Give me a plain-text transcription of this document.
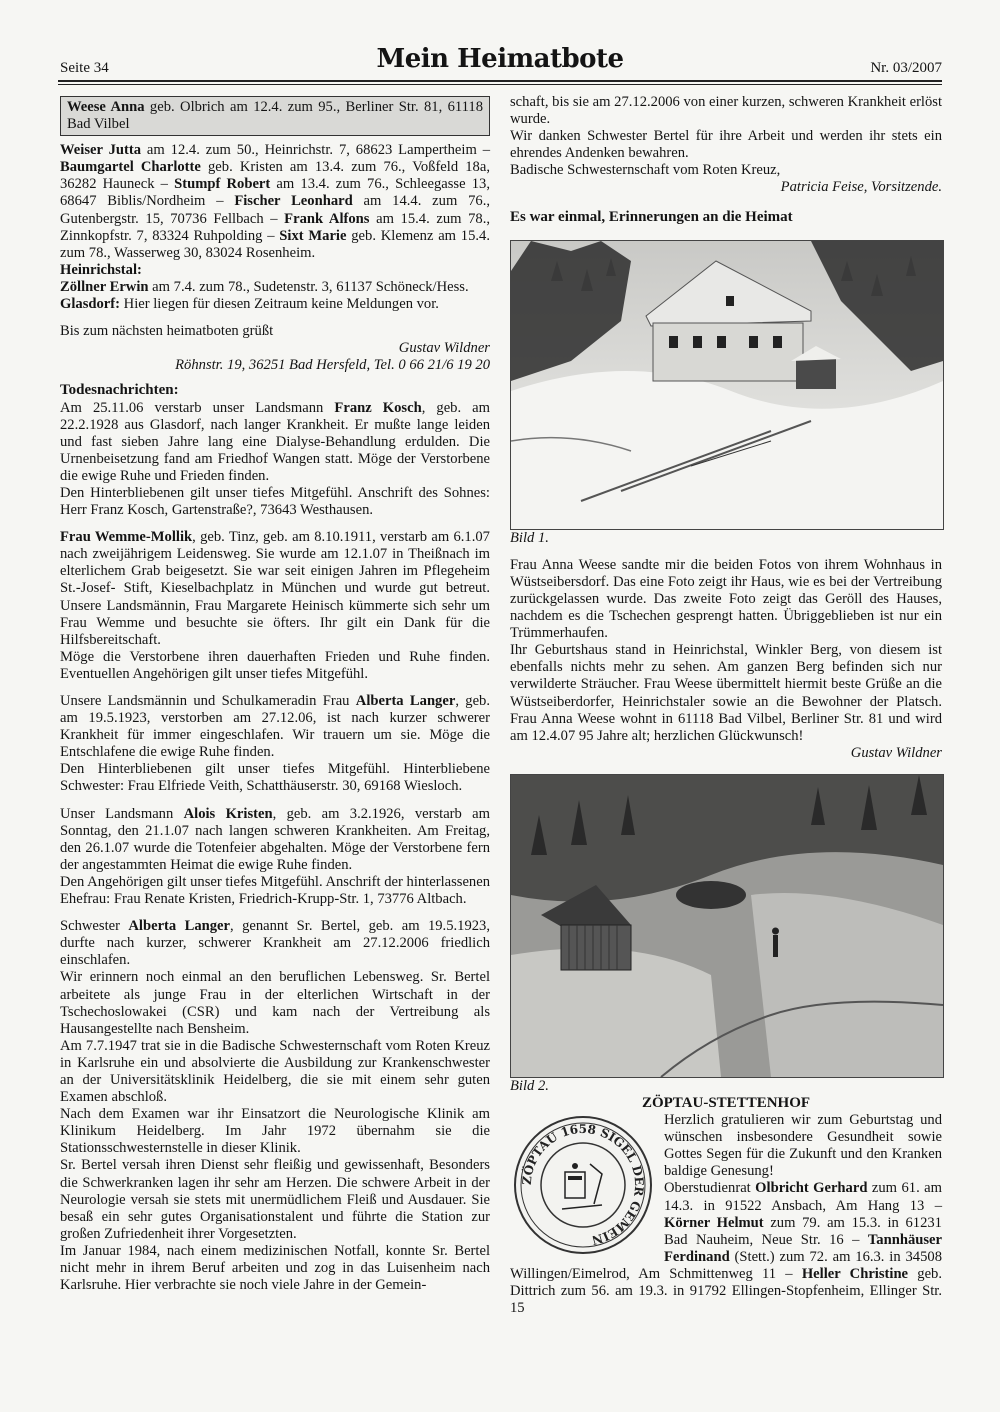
Seite 34	Mein Heimatbote	Nr. 03/2007
Weese Anna geb. Olbrich am 12.4. zum 95., Berliner Str. 81, 61118 Bad Vilbel

Weiser Jutta am 12.4. zum 50., Heinrichstr. 7, 68623 Lampertheim – Baumgartel Charlotte geb. Kristen am 13.4. zum 76., Voßfeld 18a, 36282 Hauneck – Stumpf Robert am 13.4. zum 76., Schleegasse 13, 68647 Biblis/Nordheim – Fischer Leonhard am 14.4. zum 76., Gutenbergstr. 15, 70736 Fellbach – Frank Alfons am 15.4. zum 78., Zinnkopfstr. 7, 83324 Ruhpolding – Sixt Marie geb. Klemenz am 15.4. zum 78., Wasserweg 30, 83024 Rosenheim.

Heinrichstal:

Zöllner Erwin am 7.4. zum 78., Sudetenstr. 3, 61137 Schöneck/Hess.

Glasdorf: Hier liegen für diesen Zeitraum keine Meldungen vor.

Bis zum nächsten heimatboten grüßt

Gustav Wildner

Röhnstr. 19, 36251 Bad Hersfeld, Tel. 0 66 21/6 19 20

Todesnachrichten:

Am 25.11.06 verstarb unser Landsmann Franz Kosch, geb. am 22.2.1928 aus Glasdorf, nach langer Krankheit. Er mußte lange leiden und fast sieben Jahre lang eine Dialyse-Behandlung erdulden. Die Urnenbeisetzung fand am Friedhof Wangen statt. Möge der Verstorbene die ewige Ruhe und Frieden finden.

Den Hinterbliebenen gilt unser tiefes Mitgefühl. Anschrift des Sohnes: Herr Franz Kosch, Gartenstraße?, 73643 Westhausen.

Frau Wemme-Mollik, geb. Tinz, geb. am 8.10.1911, verstarb am 6.1.07 nach zweijährigem Leidensweg. Sie wurde am 12.1.07 in Theißnach im elterlichem Grab beigesetzt. Sie war seit einigen Jahren im Pflegeheim St.-Josef- Stift, Kieselbachplatz in München und wurde gut betreut. Unsere Landsmännin, Frau Margarete Heinisch kümmerte sich sehr um Frau Wemme und besuchte sie öfters. Ihr gilt ein Dank für die Hilfsbereitschaft.

Möge die Verstorbene ihren dauerhaften Frieden und Ruhe finden. Eventuellen Angehörigen gilt unser tiefes Mitgefühl.

Unsere Landsmännin und Schulkameradin Frau Alberta Langer, geb. am 19.5.1923, verstorben am 27.12.06, ist nach kurzer schwerer Krankheit für immer eingeschlafen. Wir trauern um sie. Möge die Entschlafene die ewige Ruhe finden.

Den Hinterbliebenen gilt unser tiefes Mitgefühl. Hinterbliebene Schwester: Frau Elfriede Veith, Schatthäuserstr. 30, 69168 Wiesloch.

Unser Landsmann Alois Kristen, geb. am 3.2.1926, verstarb am Sonntag, den 21.1.07 nach langen schweren Krankheiten. Am Freitag, den 26.1.07 wurde die Totenfeier abgehalten. Möge der Verstorbene fern der angestammten Heimat die ewige Ruhe finden.

Den Angehörigen gilt unser tiefes Mitgefühl. Anschrift der hinterlassenen Ehefrau: Frau Renate Kristen, Friedrich-Krupp-Str. 1, 73776 Altbach.

Schwester Alberta Langer, genannt Sr. Bertel, geb. am 19.5.1923, durfte nach kurzer, schwerer Krankheit am 27.12.2006 friedlich einschlafen.

Wir erinnern noch einmal an den beruflichen Lebensweg. Sr. Bertel arbeitete als junge Frau in der elterlichen Wirtschaft in der Tschechoslowakei (CSR) und kam nach der Vertreibung als Hausangestellte nach Bensheim.

Am 7.7.1947 trat sie in die Badische Schwesternschaft vom Roten Kreuz in Karlsruhe ein und absolvierte die Ausbildung zur Krankenschwester an der Universitätsklinik Heidelberg, die sie mit einem sehr guten Examen abschloß.

Nach dem Examen war ihr Einsatzort die Neurologische Klinik am Klinikum Heidelberg. Im Jahr 1972 übernahm sie die Stationsschwesternstelle in dieser Klinik.

Sr. Bertel versah ihren Dienst sehr fleißig und gewissenhaft, Besonders die Schwerkranken lagen ihr sehr am Herzen. Die schwere Arbeit in der Neurologie versah sie stets mit unermüdlichem Fleiß und Ausdauer. Sie besaß ein sehr gutes Organisationstalent und führte die Station zur großen Zufriedenheit ihrer Vorgesetzten.

Im Januar 1984, nach einem medizinischen Notfall, konnte Sr. Bertel nicht mehr in ihrem Beruf arbeiten und zog in das Luisenheim nach Karlsruhe. Hier verbrachte sie noch viele Jahre in der Gemein-

schaft, bis sie am 27.12.2006 von einer kurzen, schweren Krankheit erlöst wurde.

Wir danken Schwester Bertel für ihre Arbeit und werden ihr stets ein ehrendes Andenken bewahren.

Badische Schwesternschaft vom Roten Kreuz,

Patricia Feise, Vorsitzende.

Es war einmal, Erinnerungen an die Heimat

Bild 1.

Frau Anna Weese sandte mir die beiden Fotos von ihrem Wohnhaus in Wüstseibersdorf. Das eine Foto zeigt ihr Haus, wie es bei der Vertreibung zurückgelassen wurde. Das zweite Foto zeigt das Geröll des Hauses, nachdem es die Tschechen gesprengt hatten. Übriggeblieben ist nur ein Trümmerhaufen.

Ihr Geburtshaus stand in Heinrichstal, Winkler Berg, von diesem ist ebenfalls nichts mehr zu sehen. Am ganzen Berg befinden sich nur verwilderte Sträucher. Frau Weese übermittelt hiermit beste Grüße an die Wüstseiberdorfer, Heinrichstaler sowie an die Bewohner der Platsch. Frau Anna Weese wohnt in 61118 Bad Vilbel, Berliner Str. 81 und wird am 12.4.07 95 Jahre alt; herzlichen Glückwunsch!

Gustav Wildner

Bild 2.

ZÖPTAU-STETTENHOF

ZÖPTAU 1658 SIGEL DER GEMEIN

Herzlich gratulieren wir zum Geburtstag und wünschen insbesondere Gesundheit sowie Gottes Segen für die Zukunft und den Kranken baldige Genesung!

Oberstudienrat Olbricht Gerhard zum 61. am 14.3. in 91522 Ansbach, Am Hang 13 – Körner Helmut zum 79. am 15.3. in 61231 Bad Nauheim, Neue Str. 16 – Tannhäuser Ferdinand (Stett.) zum 72. am 16.3. in 34508 Willingen/Eimelrod, Am Schmittenweg 11 – Heller Christine geb. Dittrich zum 56. am 19.3. in 91792 Ellingen-Stopfenheim, Ellinger Str. 15
